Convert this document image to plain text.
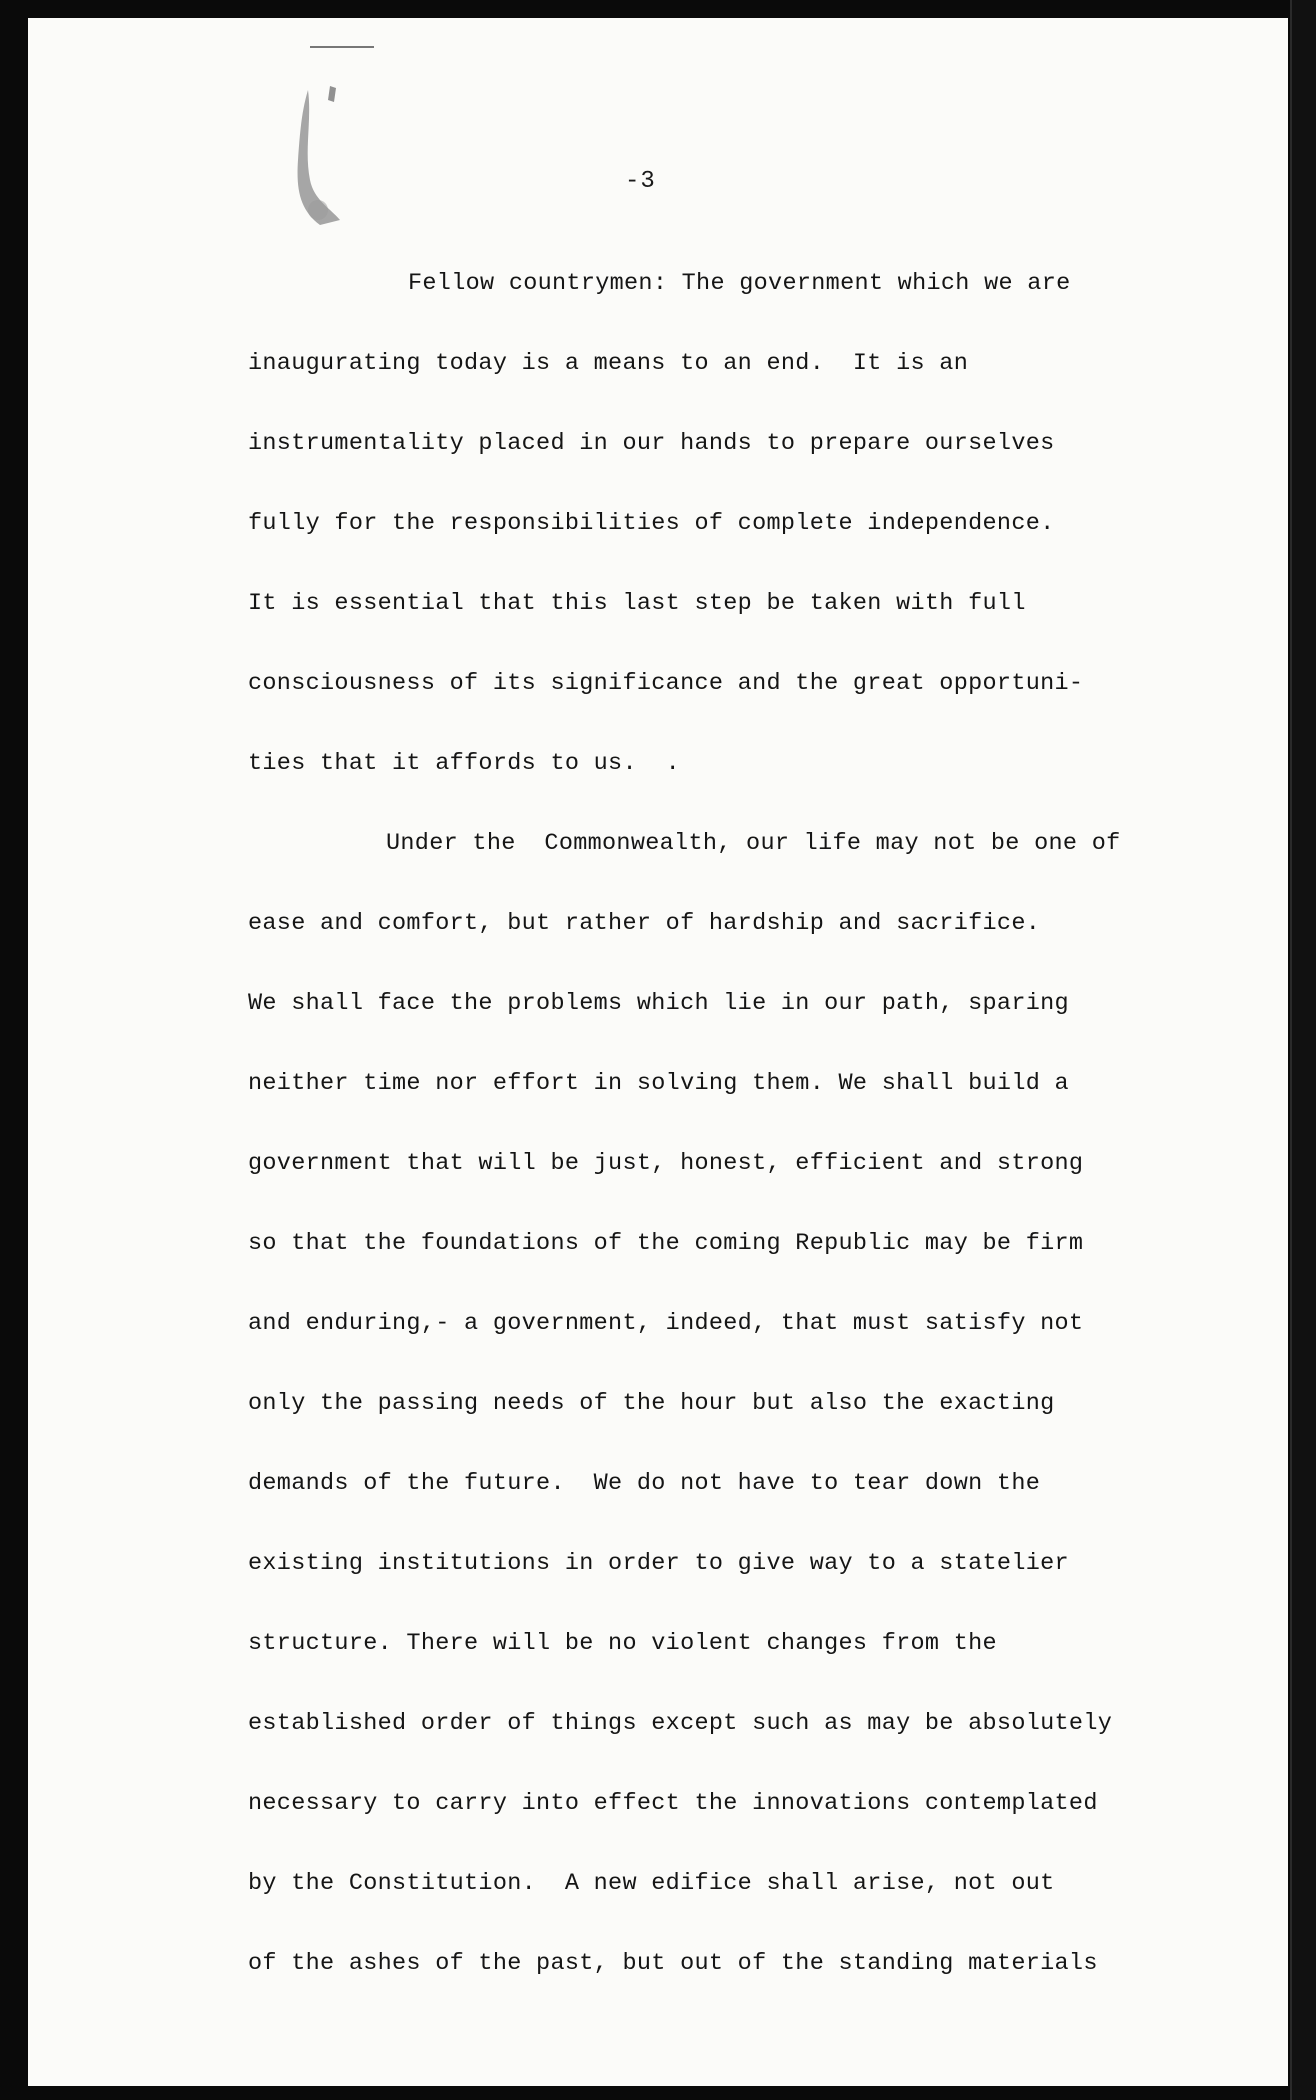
-3
Fellow countrymen: The government which we are
inaugurating today is a means to an end.  It is an
instrumentality placed in our hands to prepare ourselves
fully for the responsibilities of complete independence.
It is essential that this last step be taken with full
consciousness of its significance and the great opportuni-
ties that it affords to us.  .
Under the  Commonwealth, our life may not be one of
ease and comfort, but rather of hardship and sacrifice.
We shall face the problems which lie in our path, sparing
neither time nor effort in solving them. We shall build a
government that will be just, honest, efficient and strong
so that the foundations of the coming Republic may be firm
and enduring,- a government, indeed, that must satisfy not
only the passing needs of the hour but also the exacting
demands of the future.  We do not have to tear down the
existing institutions in order to give way to a statelier
structure. There will be no violent changes from the
established order of things except such as may be absolutely
necessary to carry into effect the innovations contemplated
by the Constitution.  A new edifice shall arise, not out
of the ashes of the past, but out of the standing materials
